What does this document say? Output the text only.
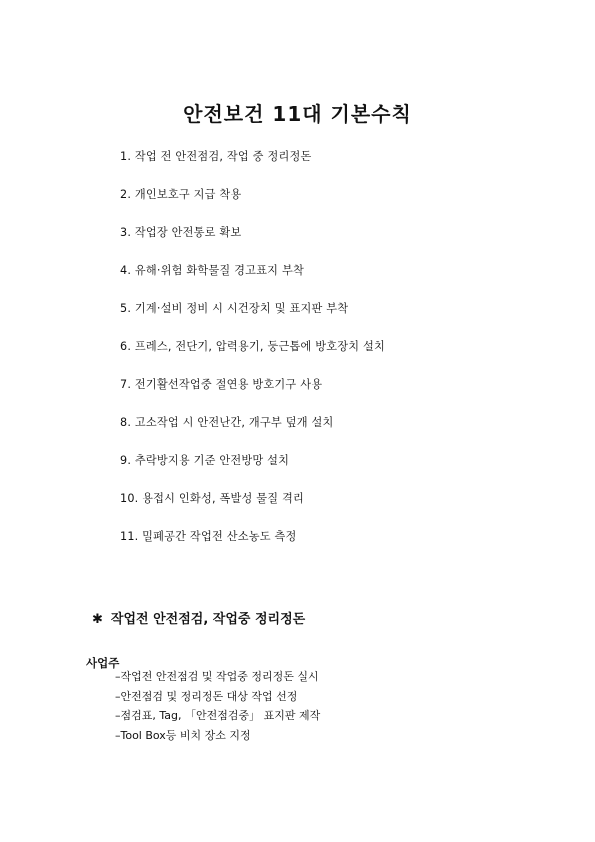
안전보건 11대 기본수칙
1. 작업 전 안전점검, 작업 중 정리정돈
2. 개인보호구 지급 착용
3. 작업장 안전통로 확보
4. 유해·위험 화학물질 경고표지 부착
5. 기계·설비 정비 시 시건장치 및 표지판 부착
6. 프레스, 전단기, 압력용기, 둥근톱에 방호장치 설치
7. 전기활선작업중 절연용 방호기구 사용
8. 고소작업 시 안전난간, 개구부 덮개 설치
9. 추락방지용 기준 안전방망 설치
10. 용접시 인화성, 폭발성 물질 격리
11. 밀폐공간 작업전 산소농도 측정
✱ 작업전 안전점검, 작업중 정리정돈
사업주
–작업전 안전점검 및 작업중 정리정돈 실시
–안전점검 및 정리정돈 대상 작업 선정
–점검표, Tag, 「안전점검중」 표지판 제작
–Tool Box등 비치 장소 지정
